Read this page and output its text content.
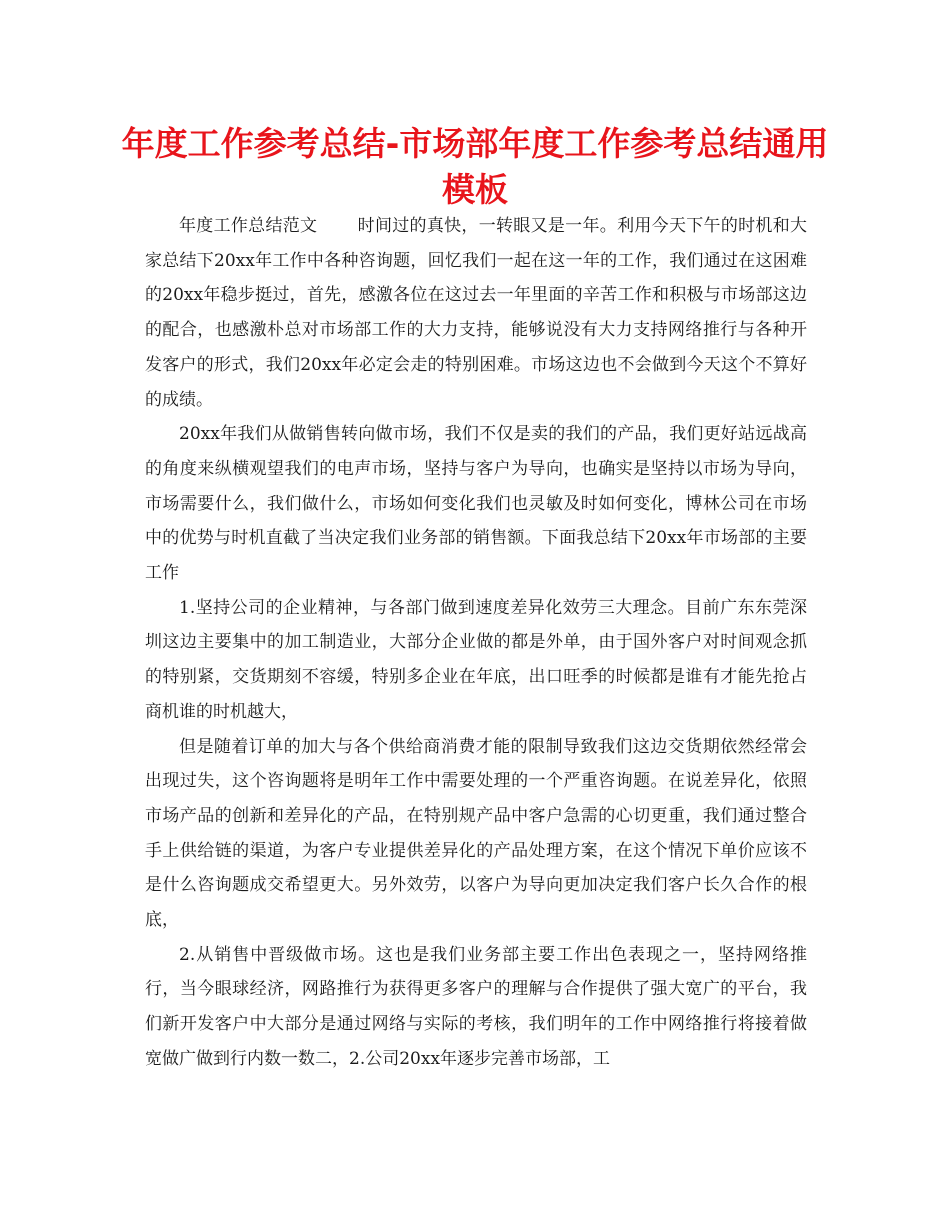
年度工作参考总结-市场部年度工作参考总结通用模板

年度工作总结范文 时间过的真快，一转眼又是一年。利用今天下午的时机和大家总结下20xx年工作中各种咨询题，回忆我们一起在这一年的工作，我们通过在这困难的20xx年稳步挺过，首先，感激各位在这过去一年里面的辛苦工作和积极与市场部这边的配合，也感激朴总对市场部工作的大力支持，能够说没有大力支持网络推行与各种开发客户的形式，我们20xx年必定会走的特别困难。市场这边也不会做到今天这个不算好的成绩。

20xx年我们从做销售转向做市场，我们不仅是卖的我们的产品，我们更好站远战高的角度来纵横观望我们的电声市场，坚持与客户为导向，也确实是坚持以市场为导向，市场需要什么，我们做什么，市场如何变化我们也灵敏及时如何变化，博林公司在市场中的优势与时机直截了当决定我们业务部的销售额。下面我总结下20xx年市场部的主要工作

1.坚持公司的企业精神，与各部门做到速度差异化效劳三大理念。目前广东东莞深圳这边主要集中的加工制造业，大部分企业做的都是外单，由于国外客户对时间观念抓的特别紧，交货期刻不容缓，特别多企业在年底，出口旺季的时候都是谁有才能先抢占商机谁的时机越大，

但是随着订单的加大与各个供给商消费才能的限制导致我们这边交货期依然经常会出现过失，这个咨询题将是明年工作中需要处理的一个严重咨询题。在说差异化，依照市场产品的创新和差异化的产品，在特别规产品中客户急需的心切更重，我们通过整合手上供给链的渠道，为客户专业提供差异化的产品处理方案，在这个情况下单价应该不是什么咨询题成交希望更大。另外效劳，以客户为导向更加决定我们客户长久合作的根底，

2.从销售中晋级做市场。这也是我们业务部主要工作出色表现之一，坚持网络推行，当今眼球经济，网路推行为获得更多客户的理解与合作提供了强大宽广的平台，我们新开发客户中大部分是通过网络与实际的考核，我们明年的工作中网络推行将接着做宽做广做到行内数一数二，2.公司20xx年逐步完善市场部，工
